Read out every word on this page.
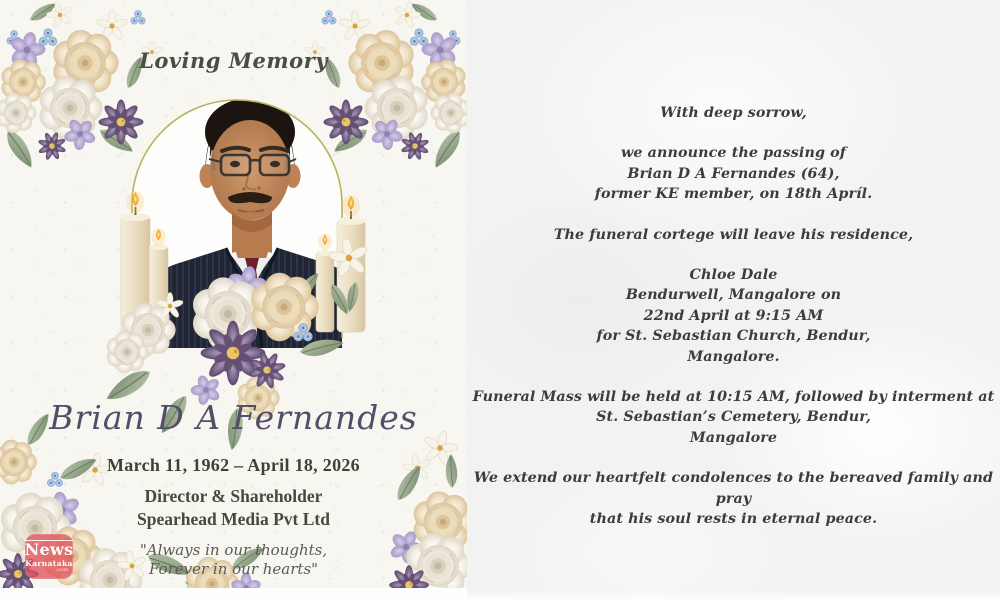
Loving Memory
Brian D A Fernandes
March 11, 1962 – April 18, 2026
Director & Shareholder
Spearhead Media Pvt Ltd
"Always in our thoughts,
Forever in our hearts"
News
Karnataka
.com

With deep sorrow,

we announce the passing of
Brian D A Fernandes (64),
former KE member, on 18th Apríl.

The funeral cortege will leave his residence,

Chloe Dale
Bendurwell, Mangalore on
22nd April at 9:15 AM
for St. Sebastian Church, Bendur,
Mangalore.

Funeral Mass will be held at 10:15 AM, followed by interment at
St. Sebastian’s Cemetery, Bendur,
Mangalore

We extend our heartfelt condolences to the bereaved family and pray
that his soul rests in eternal peace.
